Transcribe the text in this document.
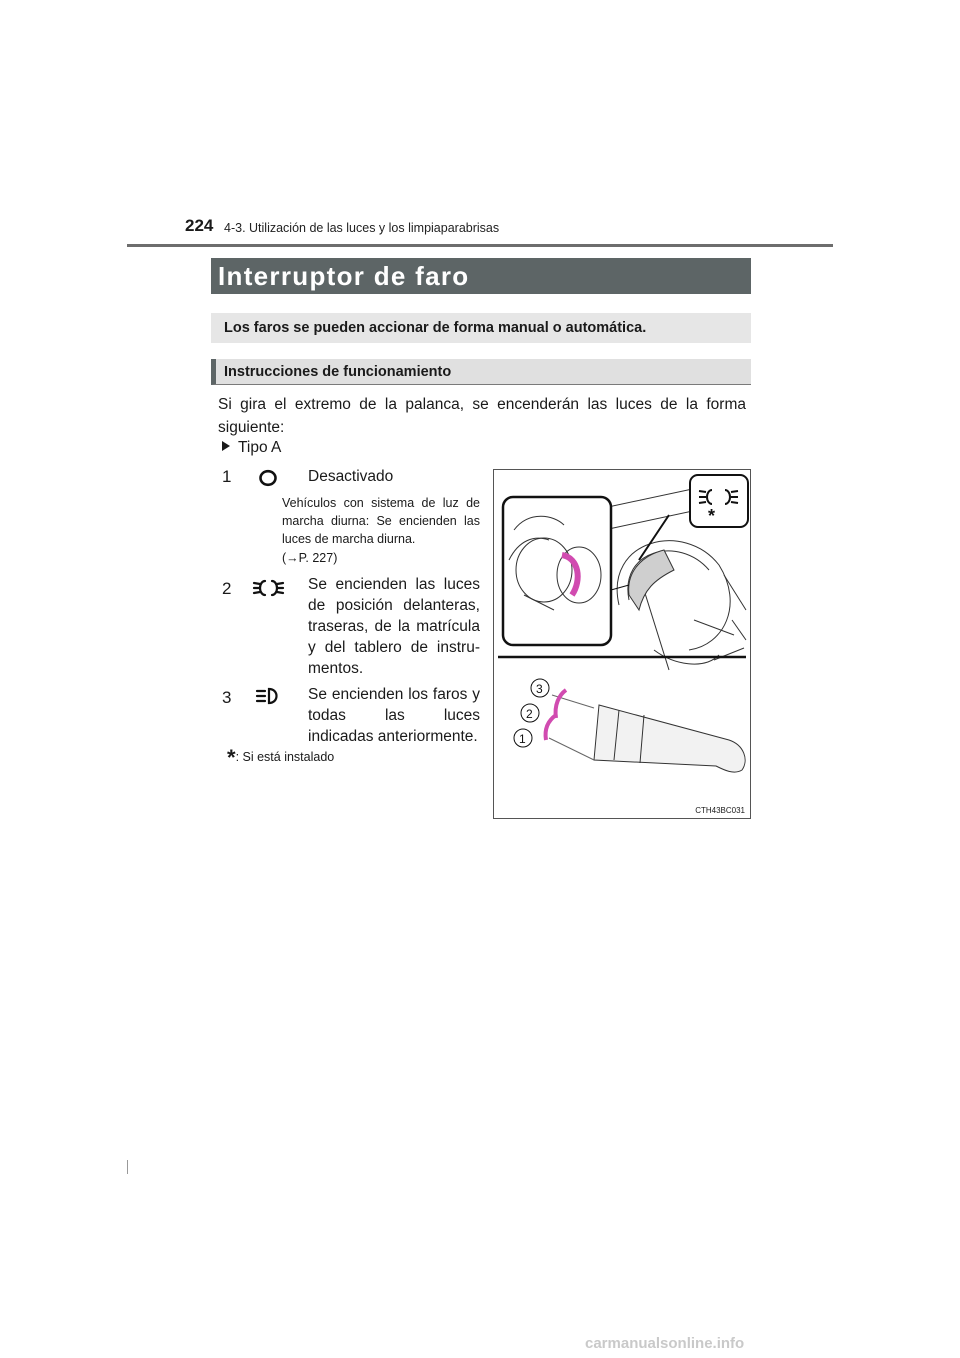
224 4-3. Utilización de las luces y los limpiaparabrisas
Interruptor de faro
Los faros se pueden accionar de forma manual o automática.
Instrucciones de funcionamiento
Si gira el extremo de la palanca, se encenderán las luces de la forma siguiente:
Tipo A
1	Desactivado
Vehículos con sistema de luz de marcha diurna: Se encienden las luces de marcha diurna.
(→P. 227)
2	Se encienden las luces de posición delanteras, traseras, de la matrícula y del tablero de instru-mentos.
3	Se encienden los faros y todas las luces indicadas anteriormente.
*: Si está instalado
*
3
2
1
CTH43BC031
carmanualsonline.info
